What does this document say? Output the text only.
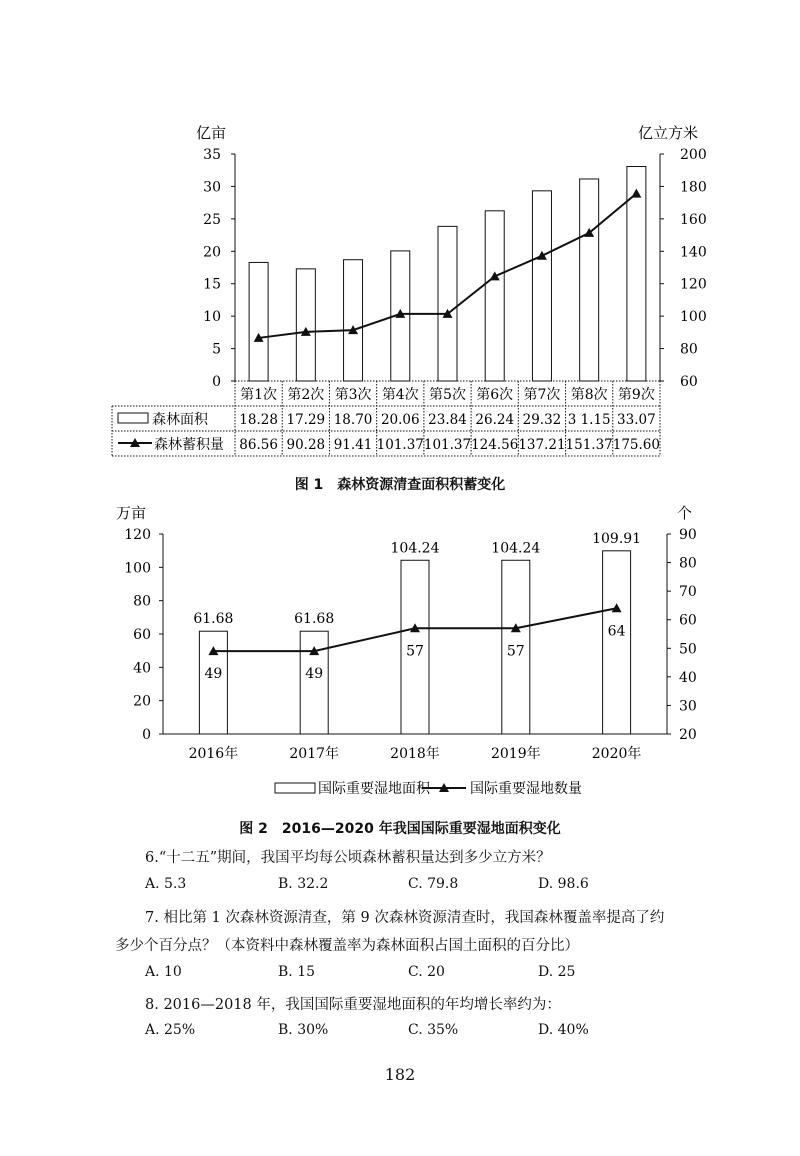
亿亩	亿立方米
0
5
10
15
20
25
30
35
60
80
100
120
140
160
180
200
第1次 第2次 第3次 第4次 第5次 第6次 第7次 第8次 第9次
森林面积
森林蓄积量
18.28 17.29 18.70 20.06 23.84 26.24 29.32 3 1.15 33.07
86.56 90.28 91.41 101.37 101.37 124.56 137.21 151.37 175.60
图 1　森林资源清查面积积蓄变化
万亩	个
0
20
40
60
80
100
120
20
30
40
50
60
70
80
90
61.68	61.68
104.24	104.24
109.91
49	49
57	57
64
2016年	2017年	2018年	2019年	2020年
国际重要湿地面积	国际重要湿地数量
图 2　2016—2020 年我国国际重要湿地面积变化
6.“十二五”期间，我国平均每公顷森林蓄积量达到多少立方米？
A. 5.3	B. 32.2	C. 79.8	D. 98.6
7. 相比第 1 次森林资源清查，第 9 次森林资源清查时，我国森林覆盖率提高了约
多少个百分点？（本资料中森林覆盖率为森林面积占国土面积的百分比）
A. 10	B. 15	C. 20	D. 25
8. 2016—2018 年，我国国际重要湿地面积的年均增长率约为：
A. 25%	B. 30%	C. 35%	D. 40%
182
